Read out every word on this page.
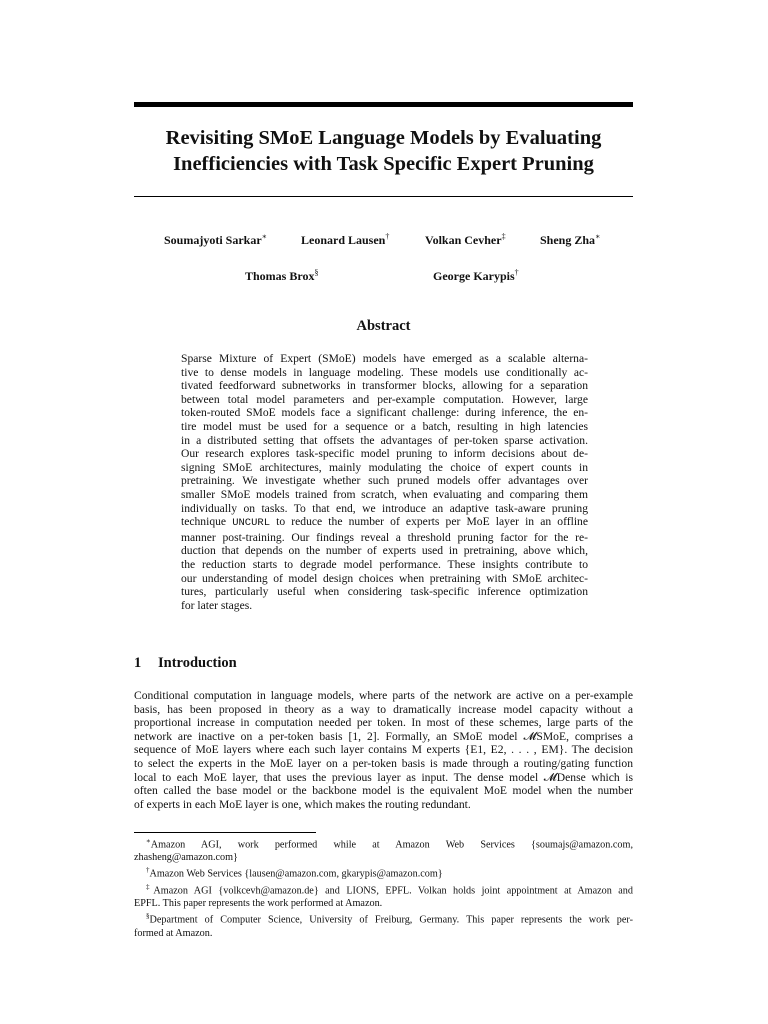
Revisiting SMoE Language Models by Evaluating
Inefficiencies with Task Specific Expert Pruning
Soumajyoti Sarkar∗	Leonard Lausen†	Volkan Cevher‡	Sheng Zha∗
Thomas Brox§	George Karypis†
Abstract
Sparse Mixture of Expert (SMoE) models have emerged as a scalable alterna-
tive to dense models in language modeling. These models use conditionally ac-
tivated feedforward subnetworks in transformer blocks, allowing for a separation
between total model parameters and per-example computation. However, large
token-routed SMoE models face a significant challenge: during inference, the en-
tire model must be used for a sequence or a batch, resulting in high latencies
in a distributed setting that offsets the advantages of per-token sparse activation.
Our research explores task-specific model pruning to inform decisions about de-
signing SMoE architectures, mainly modulating the choice of expert counts in
pretraining. We investigate whether such pruned models offer advantages over
smaller SMoE models trained from scratch, when evaluating and comparing them
individually on tasks. To that end, we introduce an adaptive task-aware pruning
technique UNCURL to reduce the number of experts per MoE layer in an offline
manner post-training. Our findings reveal a threshold pruning factor for the re-
duction that depends on the number of experts used in pretraining, above which,
the reduction starts to degrade model performance. These insights contribute to
our understanding of model design choices when pretraining with SMoE architec-
tures, particularly useful when considering task-specific inference optimization
for later stages.
1 Introduction
Conditional computation in language models, where parts of the network are active on a per-example
basis, has been proposed in theory as a way to dramatically increase model capacity without a
proportional increase in computation needed per token. In most of these schemes, large parts of the
network are inactive on a per-token basis [1, 2]. Formally, an SMoE model 𝓜SMoE, comprises a
sequence of MoE layers where each such layer contains M experts {E1, E2, . . . , EM}. The decision
to select the experts in the MoE layer on a per-token basis is made through a routing/gating function
local to each MoE layer, that uses the previous layer as input. The dense model 𝓜Dense which is
often called the base model or the backbone model is the equivalent MoE model when the number
of experts in each MoE layer is one, which makes the routing redundant.
∗Amazon AGI, work performed while at Amazon Web Services {soumajs@amazon.com,
zhasheng@amazon.com}
†Amazon Web Services {lausen@amazon.com, gkarypis@amazon.com}
‡Amazon AGI {volkcevh@amazon.de} and LIONS, EPFL. Volkan holds joint appointment at Amazon and
EPFL. This paper represents the work performed at Amazon.
§Department of Computer Science, University of Freiburg, Germany. This paper represents the work per-
formed at Amazon.
